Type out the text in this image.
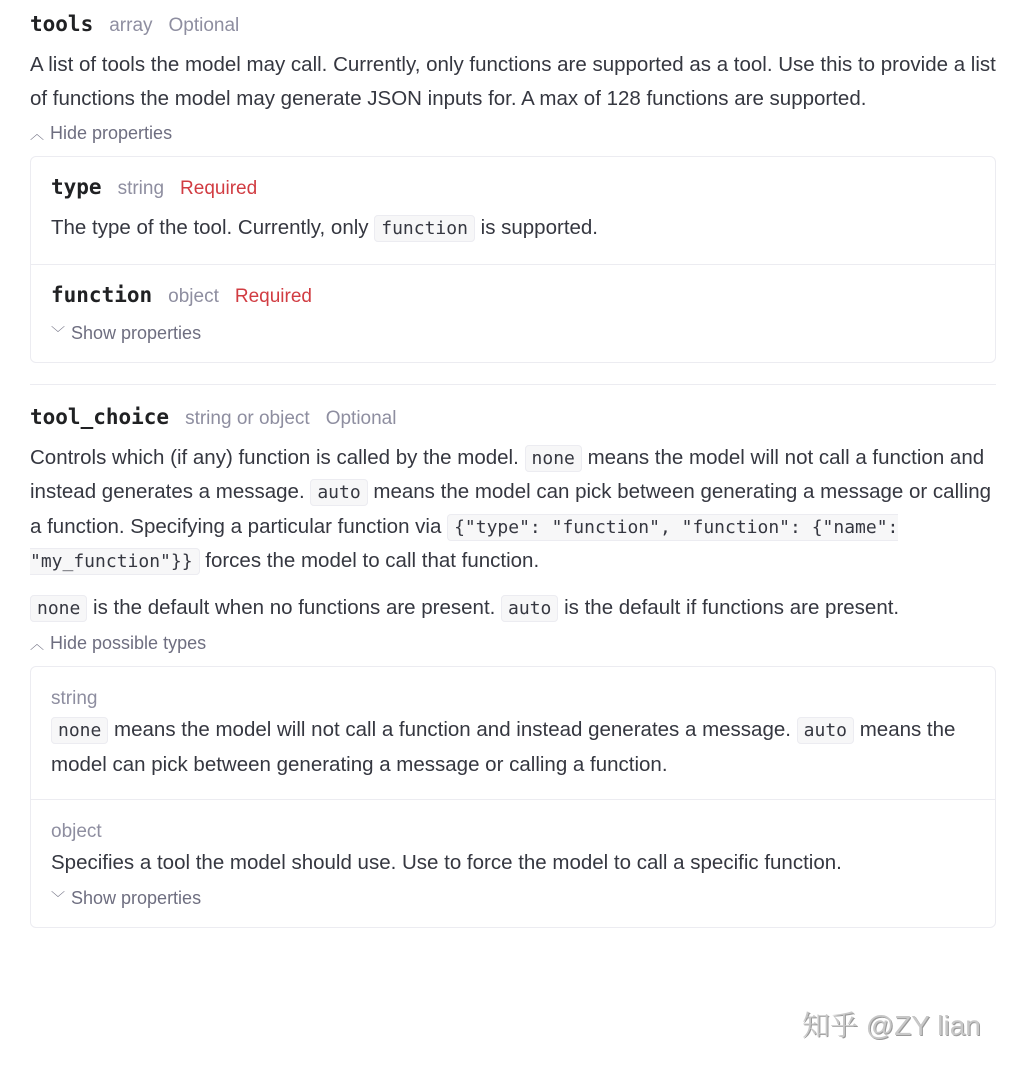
tools array Optional

A list of tools the model may call. Currently, only functions are supported as a tool. Use this to provide a list of functions the model may generate JSON inputs for. A max of 128 functions are supported.

︿ Hide properties
type string Required

The type of the tool. Currently, only function is supported.

function object Required
﹀ Show properties
tool_choice string or object Optional

Controls which (if any) function is called by the model. none means the model will not call a function and instead generates a message. auto means the model can pick between generating a message or calling a function. Specifying a particular function via {"type": "function", "function": {"name": "my_function"}} forces the model to call that function.

none is the default when no functions are present. auto is the default if functions are present.

︿ Hide possible types
string

none means the model will not call a function and instead generates a message. auto means the model can pick between generating a message or calling a function.

object

Specifies a tool the model should use. Use to force the model to call a specific function.

﹀ Show properties
知乎 @ZY lian
